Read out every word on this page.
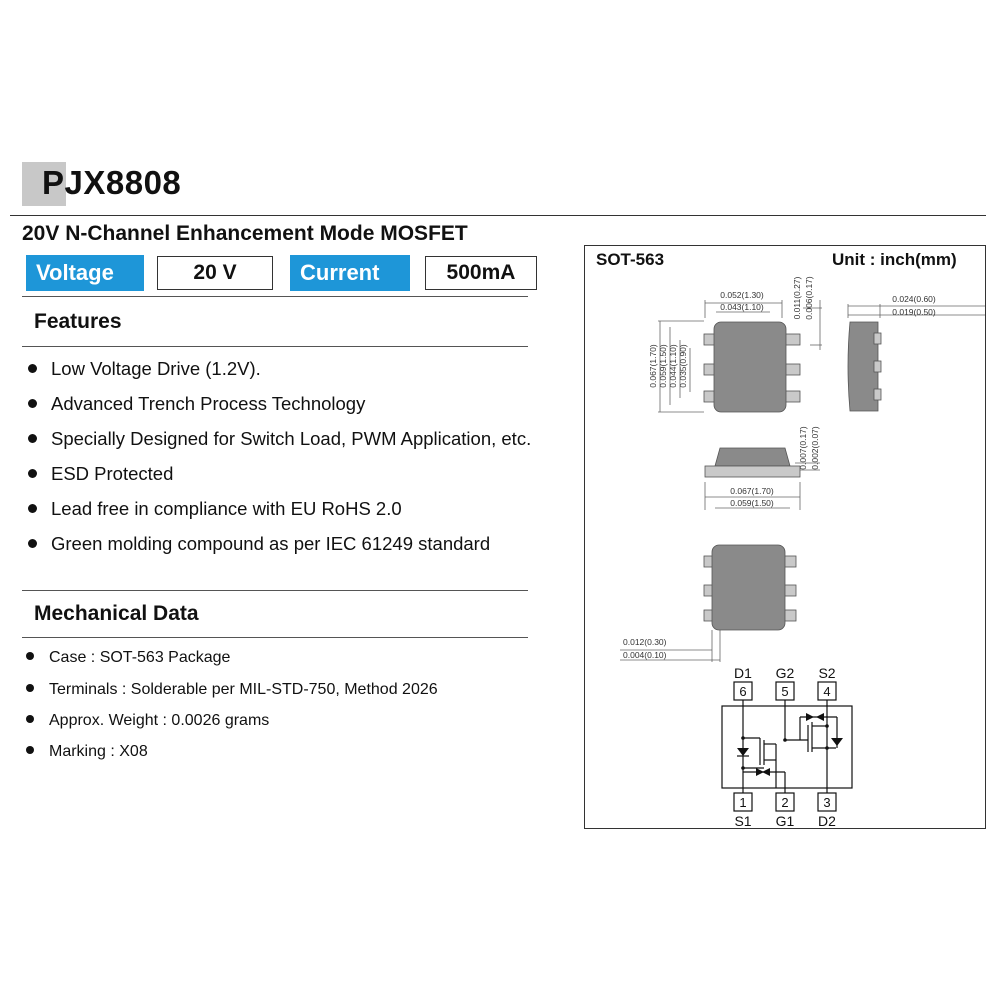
PJX8808
20V N-Channel Enhancement Mode MOSFET
Voltage	20 V	Current	500mA
Features
Low Voltage Drive (1.2V).
Advanced Trench Process Technology
Specially Designed for Switch Load, PWM Application, etc.
ESD Protected
Lead free in compliance with EU RoHS 2.0
Green molding compound as per IEC 61249 standard
Mechanical Data
Case : SOT-563 Package
Terminals : Solderable per MIL-STD-750, Method 2026
Approx. Weight : 0.0026 grams
Marking : X08
SOT-563	Unit : inch(mm)
0.052(1.30)
0.043(1.10)
0.024(0.60)
0.019(0.50)
0.067(1.70)
0.059(1.50)
0.012(0.30)
0.004(0.10)
0.067(1.70) 0.059(1.50) 0.044(1.10) 0.035(0.90)
0.011(0.27) 0.006(0.17)
0.007(0.17) 0.002(0.07)
D1 G2 S2
6	5	4
1	2	3
S1 G1 D2
